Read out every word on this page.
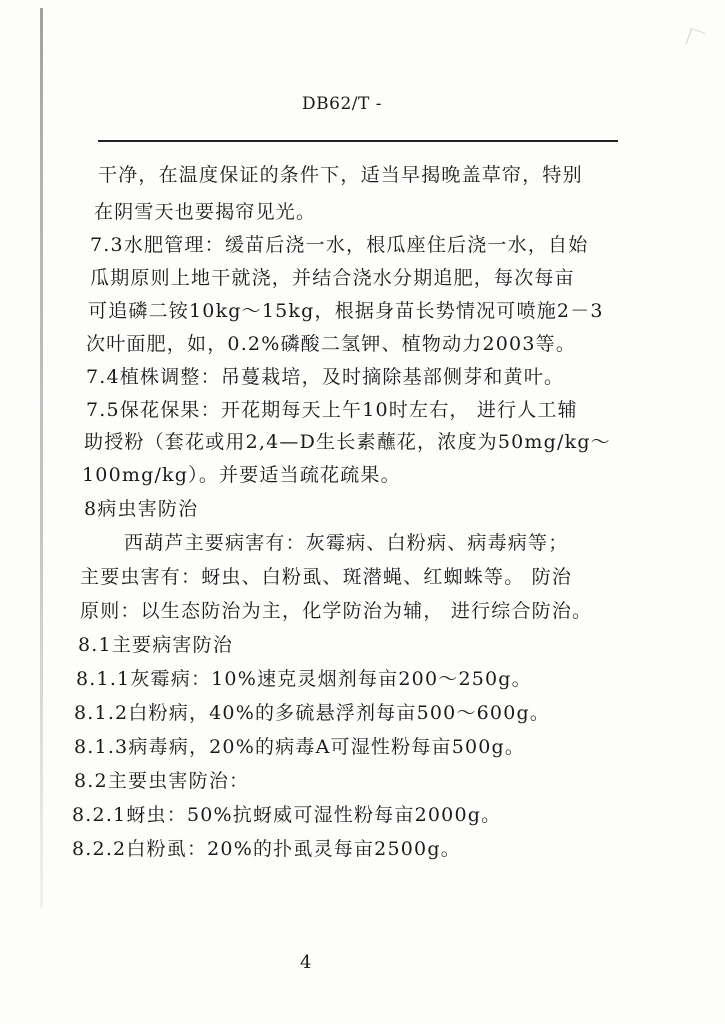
DB62/T -
干净，在温度保证的条件下，适当早揭晚盖草帘，特别
在阴雪天也要揭帘见光。
7.3水肥管理：缓苗后浇一水，根瓜座住后浇一水，自始
瓜期原则上地干就浇，并结合浇水分期追肥，每次每亩
可追磷二铵10kg～15kg，根据身苗长势情况可喷施2－3
次叶面肥，如，0.2%磷酸二氢钾、植物动力2003等。
7.4植株调整：吊蔓栽培，及时摘除基部侧芽和黄叶。
7.5保花保果：开花期每天上午10时左右， 进行人工辅
助授粉（套花或用2,4—D生长素蘸花，浓度为50mg/kg～
100mg/kg）。并要适当疏花疏果。
8病虫害防治
西葫芦主要病害有：灰霉病、白粉病、病毒病等；
主要虫害有：蚜虫、白粉虱、斑潜蝇、红蜘蛛等。 防治
原则：以生态防治为主，化学防治为辅， 进行综合防治。
8.1主要病害防治
8.1.1灰霉病：10%速克灵烟剂每亩200～250g。
8.1.2白粉病，40%的多硫悬浮剂每亩500～600g。
8.1.3病毒病，20%的病毒A可湿性粉每亩500g。
8.2主要虫害防治：
8.2.1蚜虫：50%抗蚜威可湿性粉每亩2000g。
8.2.2白粉虱：20%的扑虱灵每亩2500g。
4
